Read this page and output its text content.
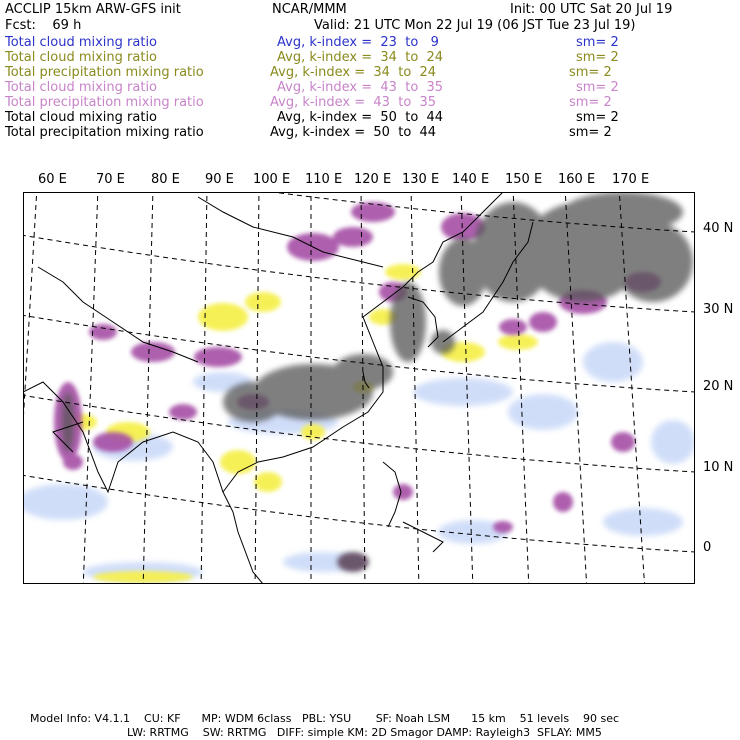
ACCLIP 15km ARW-GFS init	NCAR/MMM	Init: 00 UTC Sat 20 Jul 19
Fcst:    69 h	Valid: 21 UTC Mon 22 Jul 19 (06 JST Tue 23 Jul 19)
Total cloud mixing ratio	Avg, k-index =  23  to   9	sm= 2
Total cloud mixing ratio	Avg, k-index =  34  to  24	sm= 2
Total precipitation mixing ratio	Avg, k-index =  34  to  24	sm= 2
Total cloud mixing ratio	Avg, k-index =  43  to  35	sm= 2
Total precipitation mixing ratio	Avg, k-index =  43  to  35	sm= 2
Total cloud mixing ratio	Avg, k-index =  50  to  44	sm= 2
Total precipitation mixing ratio	Avg, k-index =  50  to  44	sm= 2
60 E 70 E 80 E 90 E 100 E 110 E 120 E 130 E 140 E 150 E 160 E 170 E
40 N
30 N
20 N
10 N
0
Model Info: V4.1.1    CU: KF      MP: WDM 6class   PBL: YSU       SF: Noah LSM      15 km    51 levels    90 sec
LW: RRTMG    SW: RRTMG   DIFF: simple KM: 2D Smagor DAMP: Rayleigh3  SFLAY: MM5
